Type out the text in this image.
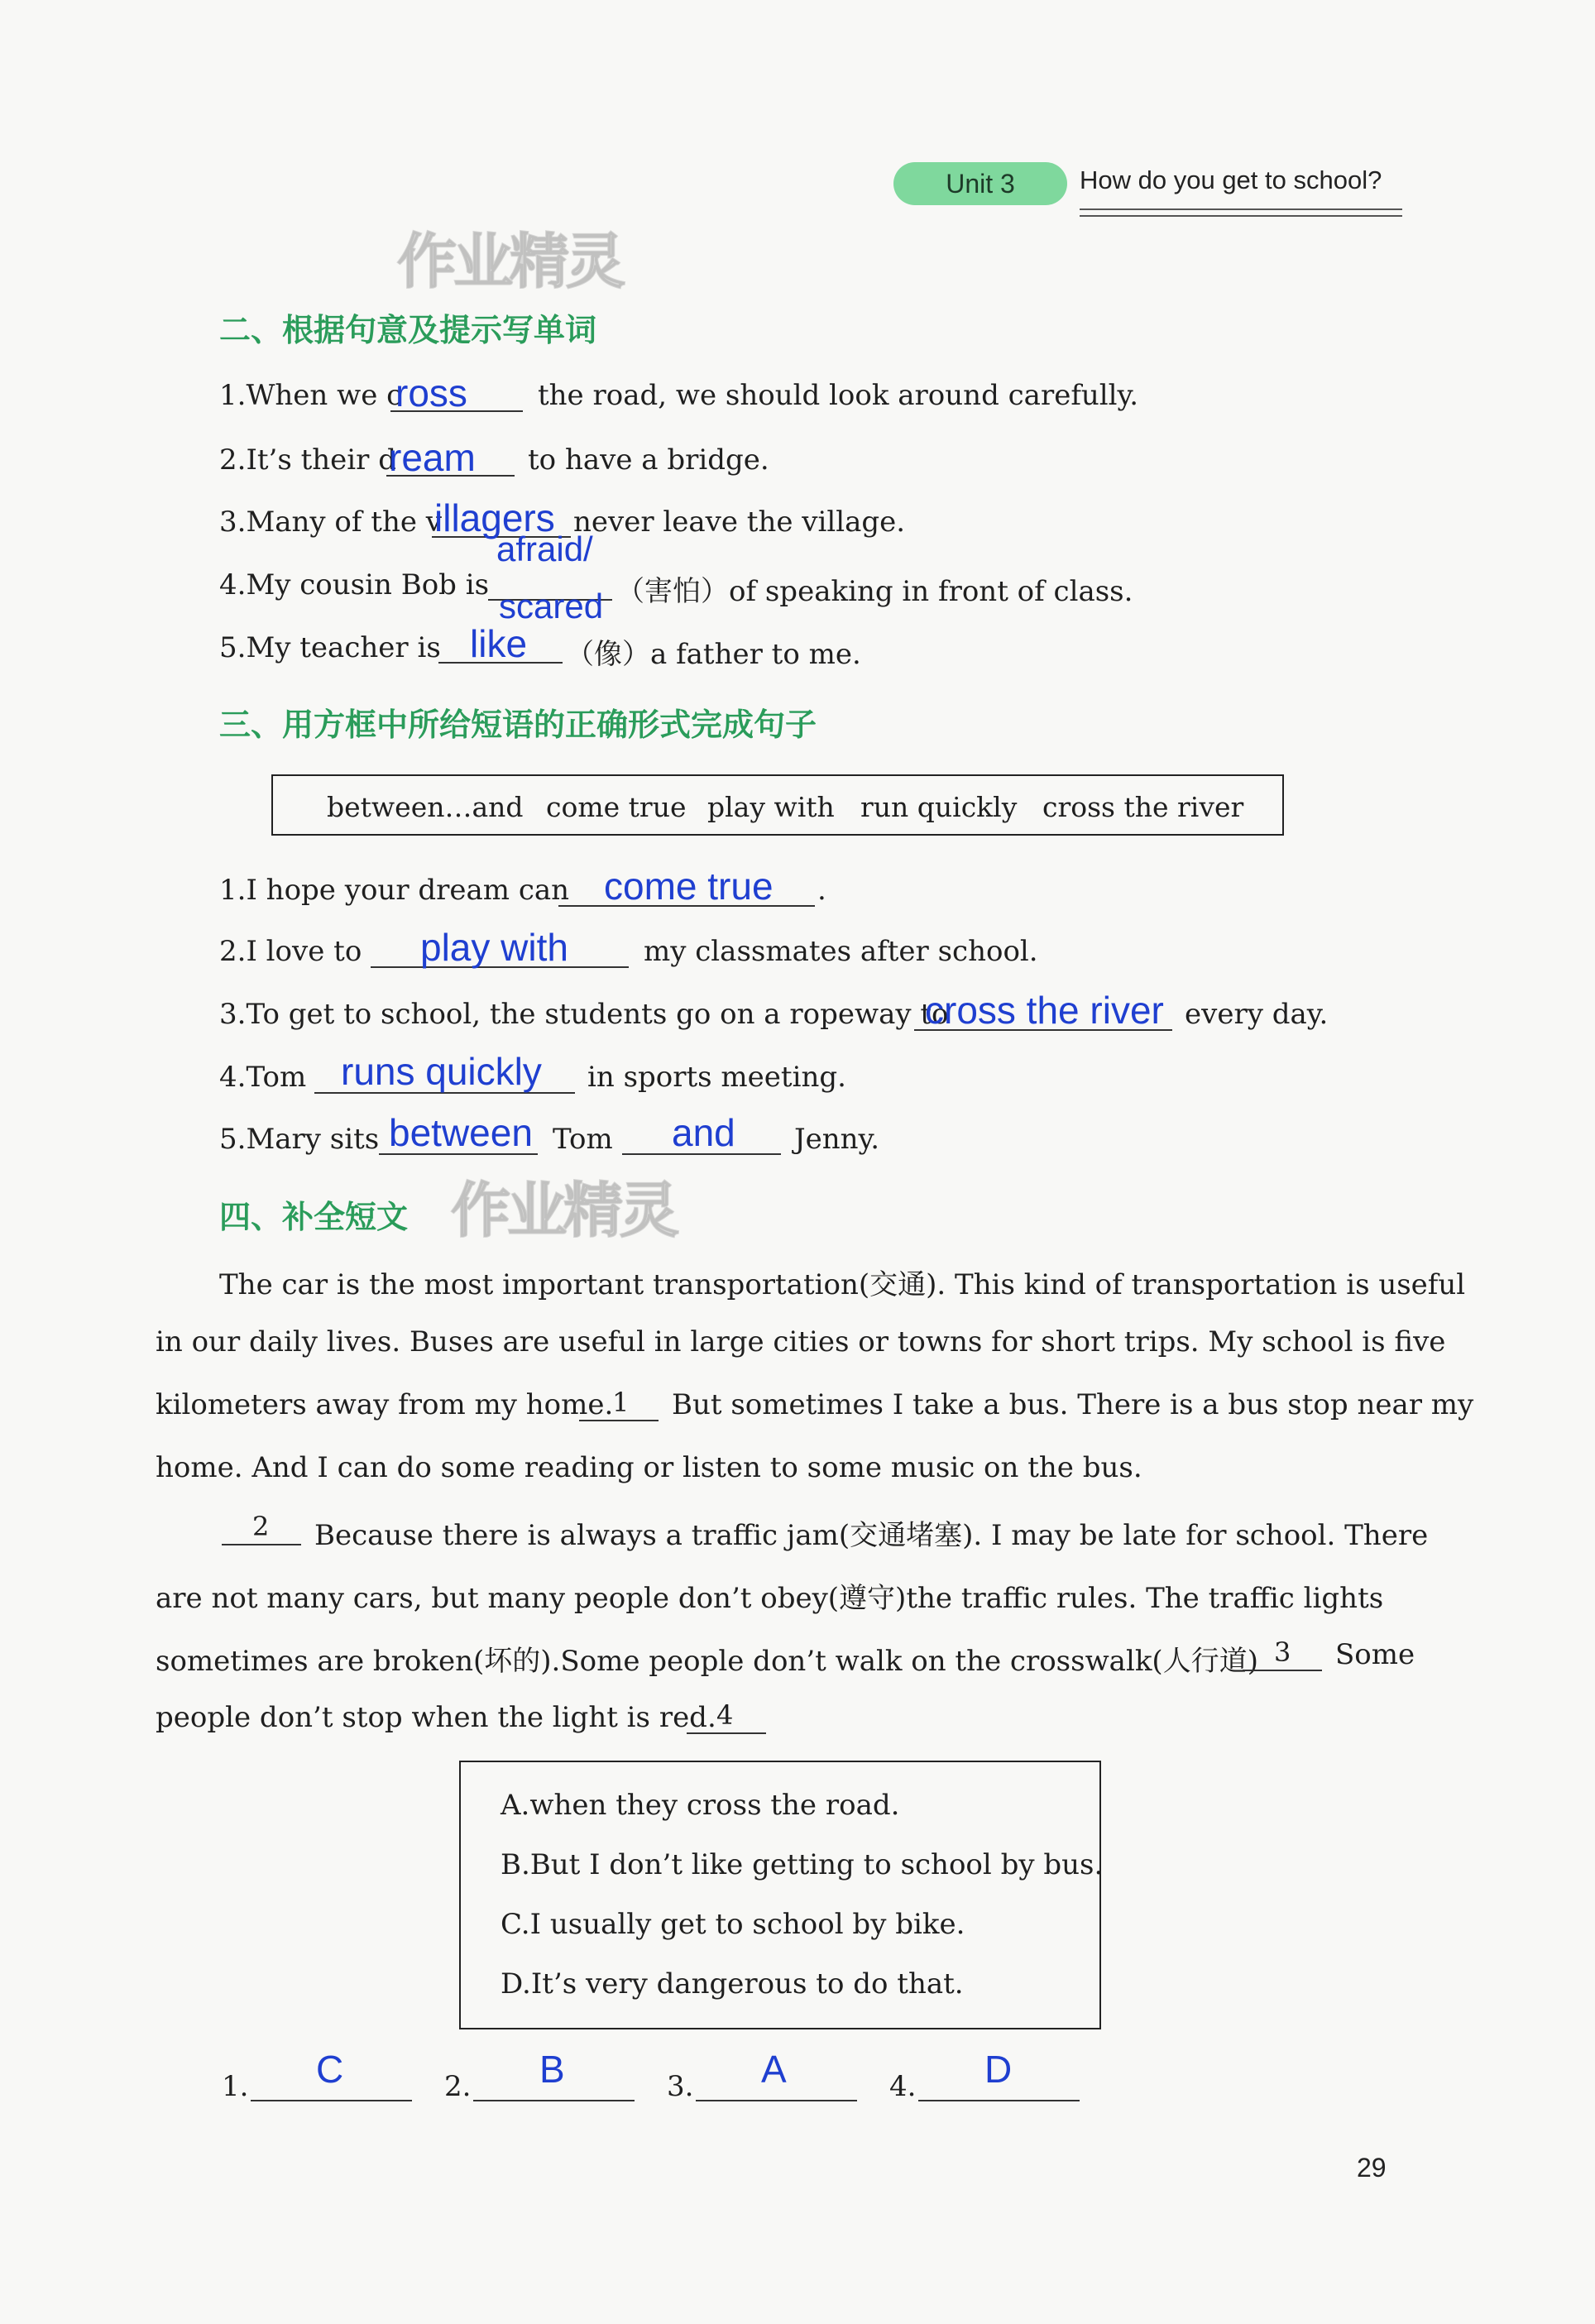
Unit 3	How do you get to school?
作业精灵
作业精灵
二、根据句意及提示写单词
1.When we c
ross	the road, we should look around carefully.
2.It’s their d
ream to have a bridge.
3.Many of the v
illagers never leave the village.
4.My cousin Bob is
afraid/
scared （害怕）of speaking in front of class.
5.My teacher is like （像）a father to me.
三、用方框中所给短语的正确形式完成句子
between…and come true play with run quickly cross the river
1.I hope your dream can come true .
2.I love to play with	my classmates after school.
3.To get to school, the students go on a ropeway to
cross the river every day.
4.Tom runs quickly in sports meeting.
5.Mary sits between Tom and Jenny.
四、补全短文
The car is the most important transportation(交通). This kind of transportation is useful
in our daily lives. Buses are useful in large cities or towns for short trips. My school is five
kilometers away from my home.
1 But sometimes I take a bus. There is a bus stop near my
home. And I can do some reading or listen to some music on the bus.
2 Because there is always a traffic jam(交通堵塞). I may be late for school. There
are not many cars, but many people don’t obey(遵守)the traffic rules. The traffic lights
sometimes are broken(坏的).Some people don’t walk on the crosswalk(人行道) 3 Some
people don’t stop when the light is red. 4
A.when they cross the road.
B.But I don’t like getting to school by bus.
C.I usually get to school by bike.
D.It’s very dangerous to do that.
1. C	2. B	3. A	4. D
29
